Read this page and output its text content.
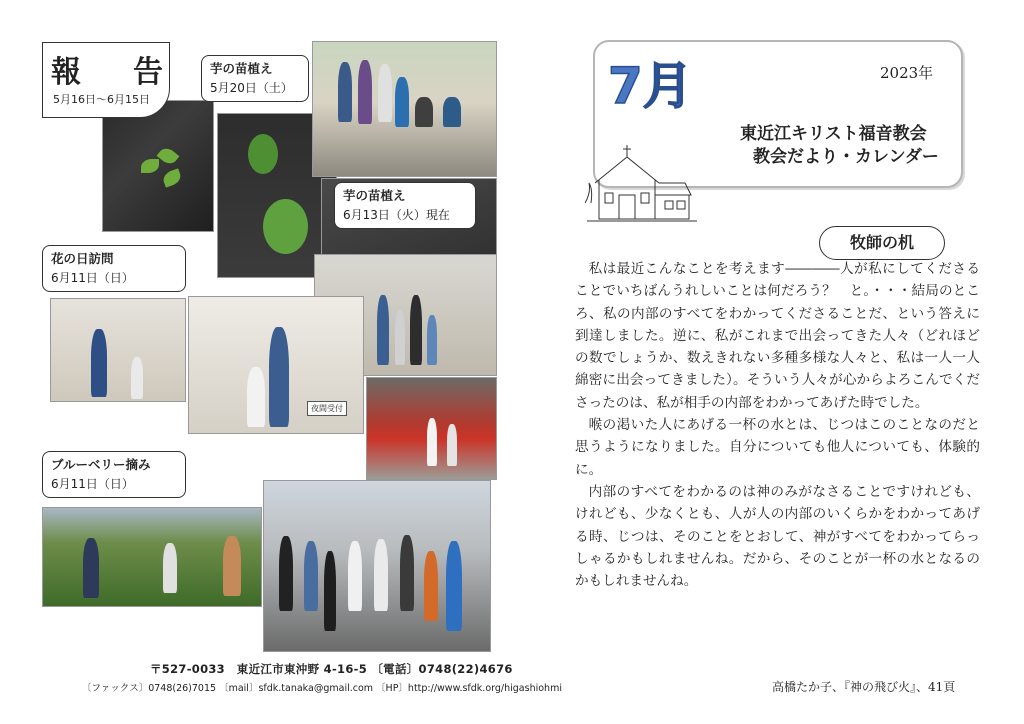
夜間受付
報 告
5月16日～6月15日
芋の苗植え
5月20日（土）
芋の苗植え
6月13日（火）現在
花の日訪問
6月11日（日）
ブルーベリー摘み
6月11日（日）
〒527-0033　東近江市東沖野 4-16-5 〔電話〕0748(22)4676
〔ファックス〕0748(26)7015 〔mail〕sfdk.tanaka@gmail.com 〔HP〕http://www.sfdk.org/higashiohmi
7月	2023年
東近江キリスト福音教会
教会だより・カレンダー
牧師の机

私は最近こんなことを考えます――――人が私にしてくださることでいちばんうれしいことは何だろう？　と。・・・結局のところ、私の内部のすべてをわかってくださることだ、という答えに到達しました。逆に、私がこれまで出会ってきた人々（どれほどの数でしょうか、数えきれない多種多様な人々と、私は一人一人綿密に出会ってきました）。そういう人々が心からよろこんでくださったのは、私が相手の内部をわかってあげた時でした。

喉の渇いた人にあげる一杯の水とは、じつはこのことなのだと思うようになりました。自分についても他人についても、体験的に。

内部のすべてをわかるのは神のみがなさることですけれども、けれども、少なくとも、人が人の内部のいくらかをわかってあげる時、じつは、そのことをとおして、神がすべてをわかってらっしゃるかもしれませんね。だから、そのことが一杯の水となるのかもしれませんね。

高橋たか子、『神の飛び火』、41頁
